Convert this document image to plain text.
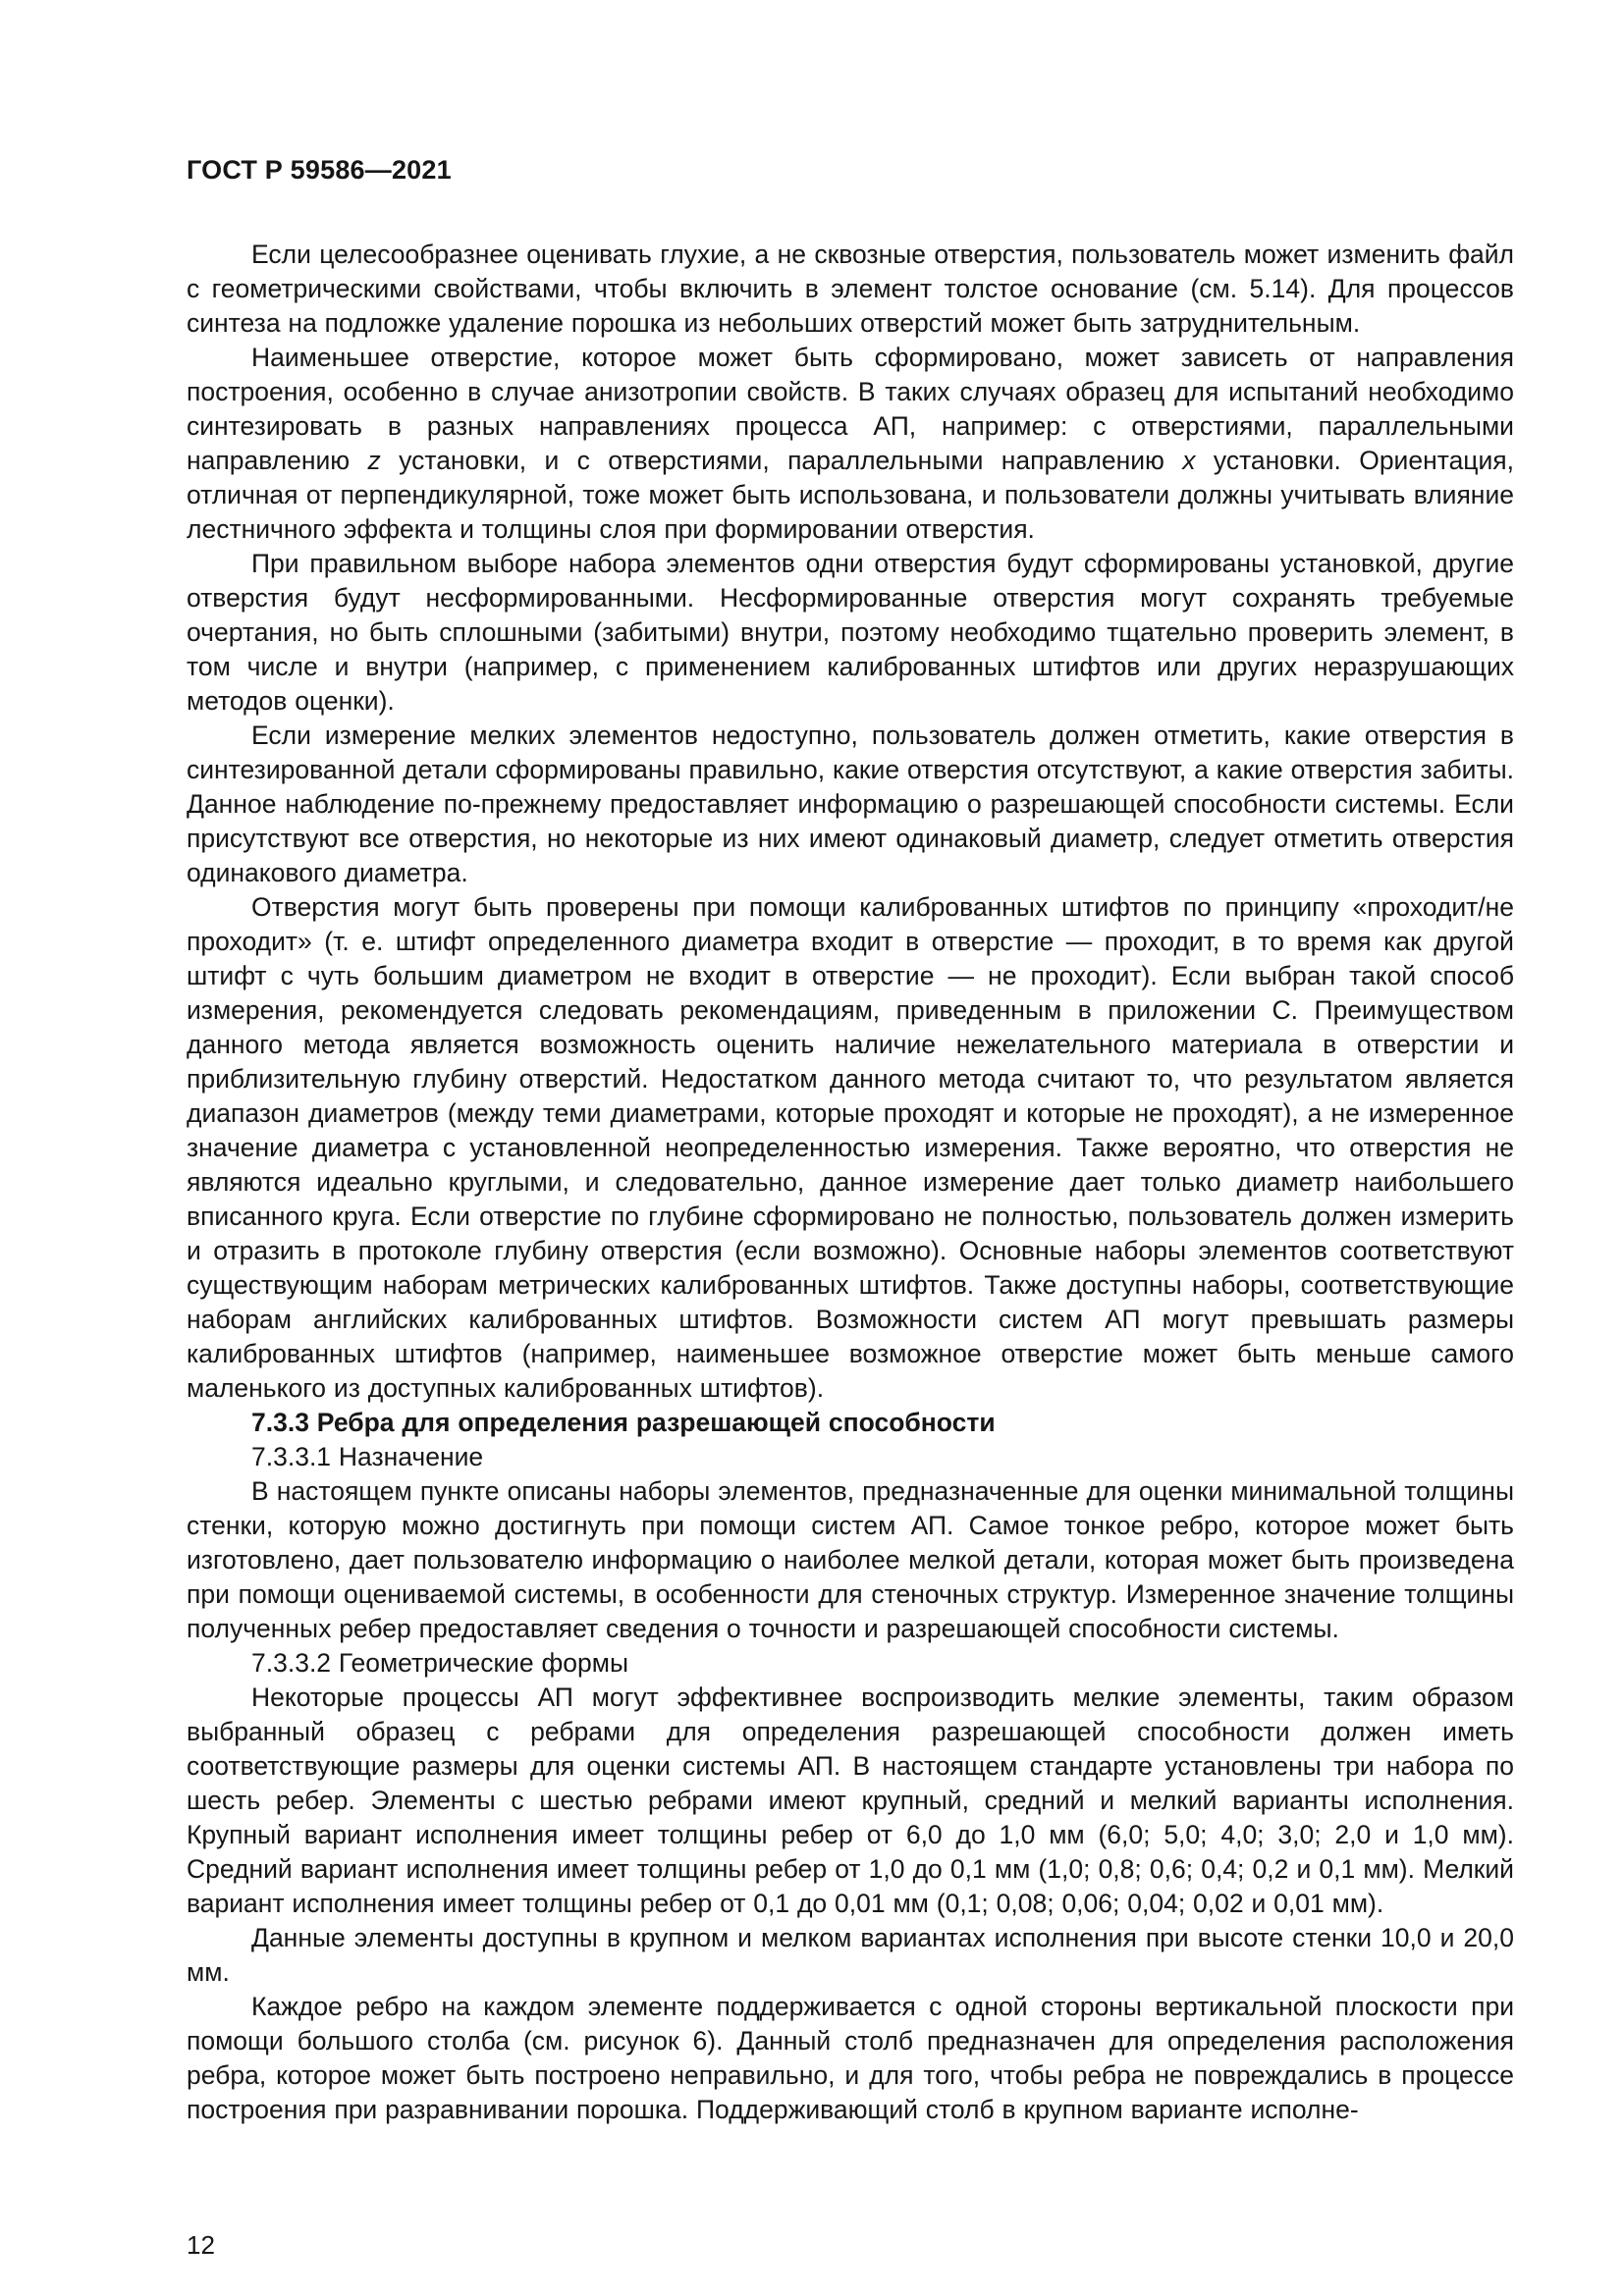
ГОСТ Р 59586—2021

Если целесообразнее оценивать глухие, а не сквозные отверстия, пользователь может изменить файл с геометрическими свойствами, чтобы включить в элемент толстое основание (см. 5.14). Для процессов синтеза на подложке удаление порошка из небольших отверстий может быть затруднительным.

Наименьшее отверстие, которое может быть сформировано, может зависеть от направления построения, особенно в случае анизотропии свойств. В таких случаях образец для испытаний необходимо синтезировать в разных направлениях процесса АП, например: с отверстиями, параллельными направлению z установки, и с отверстиями, параллельными направлению x установки. Ориентация, отличная от перпендикулярной, тоже может быть использована, и пользователи должны учитывать влияние лестничного эффекта и толщины слоя при формировании отверстия.

При правильном выборе набора элементов одни отверстия будут сформированы установкой, другие отверстия будут несформированными. Несформированные отверстия могут сохранять требуемые очертания, но быть сплошными (забитыми) внутри, поэтому необходимо тщательно проверить элемент, в том числе и внутри (например, с применением калиброванных штифтов или других неразрушающих методов оценки).

Если измерение мелких элементов недоступно, пользователь должен отметить, какие отверстия в синтезированной детали сформированы правильно, какие отверстия отсутствуют, а какие отверстия забиты. Данное наблюдение по-прежнему предоставляет информацию о разрешающей способности системы. Если присутствуют все отверстия, но некоторые из них имеют одинаковый диаметр, следует отметить отверстия одинакового диаметра.

Отверстия могут быть проверены при помощи калиброванных штифтов по принципу «проходит/не проходит» (т. е. штифт определенного диаметра входит в отверстие — проходит, в то время как другой штифт с чуть большим диаметром не входит в отверстие — не проходит). Если выбран такой способ измерения, рекомендуется следовать рекомендациям, приведенным в приложении С. Преимуществом данного метода является возможность оценить наличие нежелательного материала в отверстии и приблизительную глубину отверстий. Недостатком данного метода считают то, что результатом является диапазон диаметров (между теми диаметрами, которые проходят и которые не проходят), а не измеренное значение диаметра с установленной неопределенностью измерения. Также вероятно, что отверстия не являются идеально круглыми, и следовательно, данное измерение дает только диаметр наибольшего вписанного круга. Если отверстие по глубине сформировано не полностью, пользователь должен измерить и отразить в протоколе глубину отверстия (если возможно). Основные наборы элементов соответствуют существующим наборам метрических калиброванных штифтов. Также доступны наборы, соответствующие наборам английских калиброванных штифтов. Возможности систем АП могут превышать размеры калиброванных штифтов (например, наименьшее возможное отверстие может быть меньше самого маленького из доступных калиброванных штифтов).

7.3.3 Ребра для определения разрешающей способности

7.3.3.1 Назначение

В настоящем пункте описаны наборы элементов, предназначенные для оценки минимальной толщины стенки, которую можно достигнуть при помощи систем АП. Самое тонкое ребро, которое может быть изготовлено, дает пользователю информацию о наиболее мелкой детали, которая может быть произведена при помощи оцениваемой системы, в особенности для стеночных структур. Измеренное значение толщины полученных ребер предоставляет сведения о точности и разрешающей способности системы.

7.3.3.2 Геометрические формы

Некоторые процессы АП могут эффективнее воспроизводить мелкие элементы, таким образом выбранный образец с ребрами для определения разрешающей способности должен иметь соответствующие размеры для оценки системы АП. В настоящем стандарте установлены три набора по шесть ребер. Элементы с шестью ребрами имеют крупный, средний и мелкий варианты исполнения. Крупный вариант исполнения имеет толщины ребер от 6,0 до 1,0 мм (6,0; 5,0; 4,0; 3,0; 2,0 и 1,0 мм). Средний вариант исполнения имеет толщины ребер от 1,0 до 0,1 мм (1,0; 0,8; 0,6; 0,4; 0,2 и 0,1 мм). Мелкий вариант исполнения имеет толщины ребер от 0,1 до 0,01 мм (0,1; 0,08; 0,06; 0,04; 0,02 и 0,01 мм).

Данные элементы доступны в крупном и мелком вариантах исполнения при высоте стенки 10,0 и 20,0 мм.

Каждое ребро на каждом элементе поддерживается с одной стороны вертикальной плоскости при помощи большого столба (см. рисунок 6). Данный столб предназначен для определения расположения ребра, которое может быть построено неправильно, и для того, чтобы ребра не повреждались в процессе построения при разравнивании порошка. Поддерживающий столб в крупном варианте исполне-

12
